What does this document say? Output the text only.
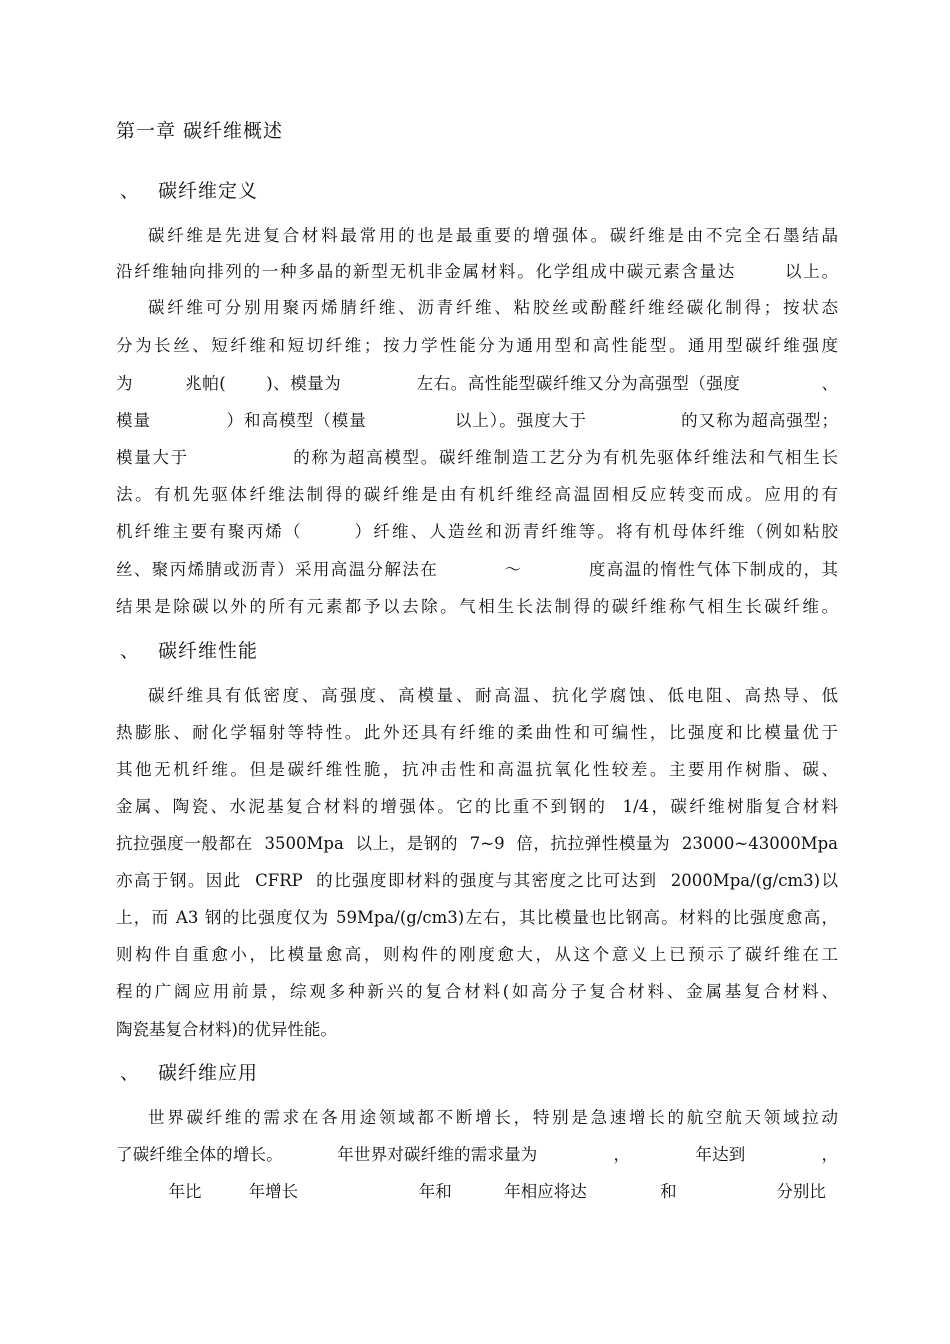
第一章 碳纤维概述
、 碳纤维定义
碳纤维是先进复合材料最常用的也是最重要的增强体。碳纤维是由不完全石墨结晶
沿纤维轴向排列的一种多晶的新型无机非金属材料。化学组成中碳元素含量达       以上。
碳纤维可分别用聚丙烯腈纤维、沥青纤维、粘胶丝或酚醛纤维经碳化制得；按状态
分为长丝、短纤维和短切纤维；按力学性能分为通用型和高性能型。通用型碳纤维强度
为         兆帕(       )、模量为             左右。高性能型碳纤维又分为高强型（强度              、
模量            ）和高模型（模量              以上）。强度大于               的又称为超高强型；
模量大于               的称为超高模型。碳纤维制造工艺分为有机先驱体纤维法和气相生长
法。有机先驱体纤维法制得的碳纤维是由有机纤维经高温固相反应转变而成。应用的有
机纤维主要有聚丙烯（       ）纤维、人造丝和沥青纤维等。将有机母体纤维（例如粘胶
丝、聚丙烯腈或沥青）采用高温分解法在          ～          度高温的惰性气体下制成的，其
结果是除碳以外的所有元素都予以去除。气相生长法制得的碳纤维称气相生长碳纤维。
、 碳纤维性能
碳纤维具有低密度、高强度、高模量、耐高温、抗化学腐蚀、低电阻、高热导、低
热膨胀、耐化学辐射等特性。此外还具有纤维的柔曲性和可编性，比强度和比模量优于
其他无机纤维。但是碳纤维性脆，抗冲击性和高温抗氧化性较差。主要用作树脂、碳、
金属、陶瓷、水泥基复合材料的增强体。它的比重不到钢的  1/4，碳纤维树脂复合材料
抗拉强度一般都在  3500Mpa  以上，是钢的  7~9  倍，抗拉弹性模量为  23000~43000Mpa
亦高于钢。因此  CFRP  的比强度即材料的强度与其密度之比可达到  2000Mpa/(g/cm3)以
上，而 A3 钢的比强度仅为 59Mpa/(g/cm3)左右，其比模量也比钢高。材料的比强度愈高，
则构件自重愈小，比模量愈高，则构件的刚度愈大，从这个意义上已预示了碳纤维在工
程的广阔应用前景，综观多种新兴的复合材料(如高分子复合材料、金属基复合材料、
陶瓷基复合材料)的优异性能。
、 碳纤维应用
世界碳纤维的需求在各用途领域都不断增长，特别是急速增长的航空航天领域拉动
了碳纤维全体的增长。          年世界对碳纤维的需求量为              ，            年达到              ，
年比         年增长                       年和          年相应将达              和                   分别比
